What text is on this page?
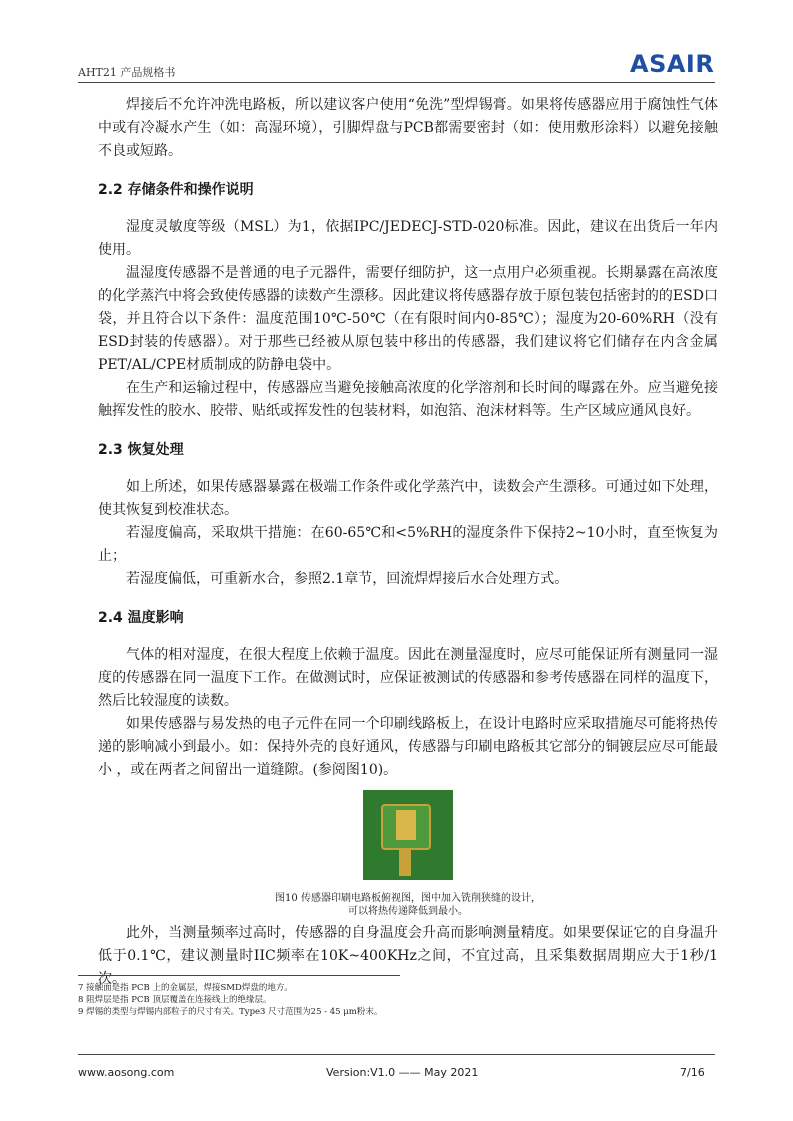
AHT21 产品规格书	ASAIR

焊接后不允许冲洗电路板，所以建议客户使用“免洗”型焊锡膏。如果将传感器应用于腐蚀性气体中或有冷凝水产生（如：高湿环境），引脚焊盘与PCB都需要密封（如：使用敷形涂料）以避免接触不良或短路。

2.2 存储条件和操作说明

湿度灵敏度等级（MSL）为1，依据IPC/JEDECJ-STD-020标准。因此，建议在出货后一年内使用。

温湿度传感器不是普通的电子元器件，需要仔细防护，这一点用户必须重视。长期暴露在高浓度的化学蒸汽中将会致使传感器的读数产生漂移。因此建议将传感器存放于原包装包括密封的的ESD口袋，并且符合以下条件：温度范围10℃-50℃（在有限时间内0-85℃）；湿度为20-60%RH（没有ESD封装的传感器）。对于那些已经被从原包装中移出的传感器，我们建议将它们储存在内含金属PET/AL/CPE材质制成的防静电袋中。

在生产和运输过程中，传感器应当避免接触高浓度的化学溶剂和长时间的曝露在外。应当避免接触挥发性的胶水、胶带、贴纸或挥发性的包装材料，如泡箔、泡沫材料等。生产区域应通风良好。

2.3 恢复处理

如上所述，如果传感器暴露在极端工作条件或化学蒸汽中，读数会产生漂移。可通过如下处理，使其恢复到校准状态。

若湿度偏高，采取烘干措施：在60-65℃和<5%RH的湿度条件下保持2~10小时，直至恢复为止；

若湿度偏低，可重新水合，参照2.1章节，回流焊焊接后水合处理方式。

2.4 温度影响

气体的相对湿度，在很大程度上依赖于温度。因此在测量湿度时，应尽可能保证所有测量同一湿度的传感器在同一温度下工作。在做测试时，应保证被测试的传感器和参考传感器在同样的温度下，然后比较湿度的读数。

如果传感器与易发热的电子元件在同一个印刷线路板上，在设计电路时应采取措施尽可能将热传递的影响减小到最小。如：保持外壳的良好通风，传感器与印刷电路板其它部分的铜镀层应尽可能最小 ，或在两者之间留出一道缝隙。(参阅图10)。

图10 传感器印刷电路板俯视图，图中加入铣削狭缝的设计，
可以将热传递降低到最小。

此外，当测量频率过高时，传感器的自身温度会升高而影响测量精度。如果要保证它的自身温升低于0.1℃，建议测量时IIC频率在10K~400KHz之间，不宜过高，且采集数据周期应大于1秒/1次。

7 接触面是指 PCB 上的金属层，焊接SMD焊盘的地方。
8 阻焊层是指 PCB 顶层覆盖在连接线上的绝缘层。
9 焊锡的类型与焊锡内部粒子的尺寸有关。Type3 尺寸范围为25 - 45 μm粉末。
www.aosong.com	Version:V1.0 —— May 2021	7/16
